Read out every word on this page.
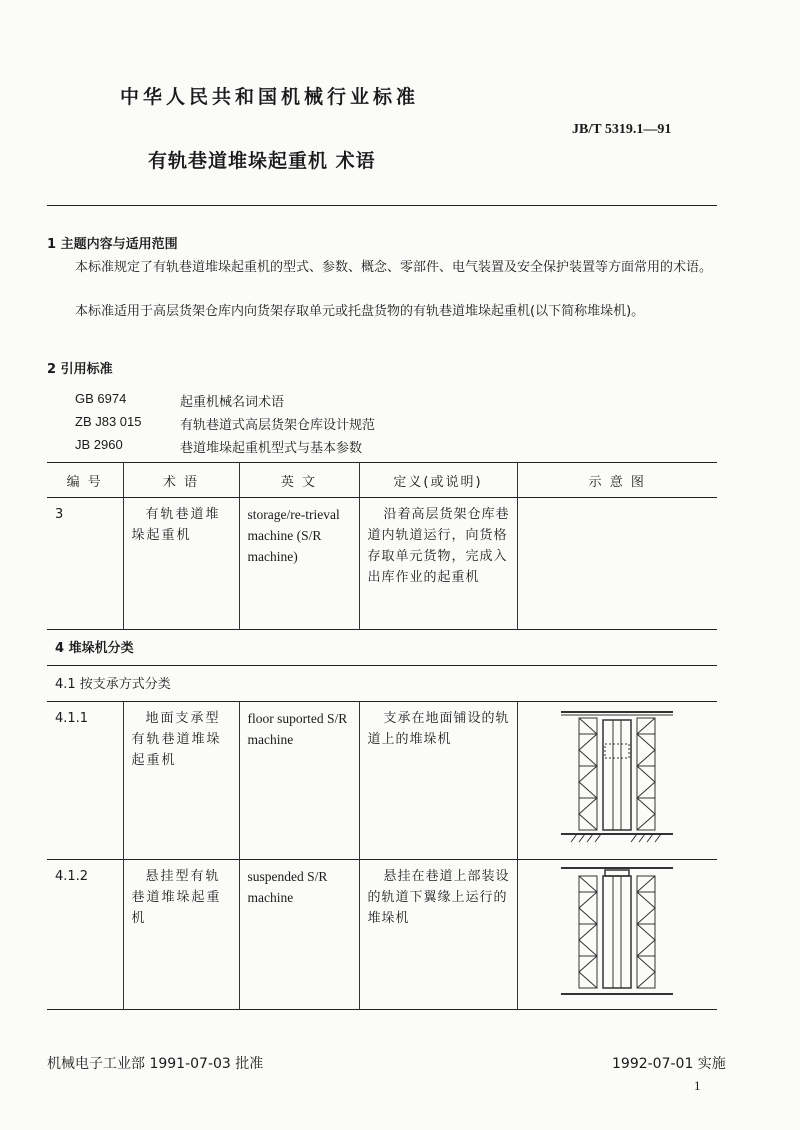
中华人民共和国机械行业标准
JB/T 5319.1—91
有轨巷道堆垛起重机 术语
1 主题内容与适用范围
本标准规定了有轨巷道堆垛起重机的型式、参数、概念、零部件、电气装置及安全保护装置等方面常用的术语。
本标准适用于高层货架仓库内向货架存取单元或托盘货物的有轨巷道堆垛起重机(以下简称堆垛机)。
2 引用标准
GB 6974	起重机械名词术语
ZB J83 015	有轨巷道式高层货架仓库设计规范
JB 2960	巷道堆垛起重机型式与基本参数
编 号	术 语	英 文	定义(或说明)	示 意 图

3	有轨巷道堆垛起重机	storage/re-trieval machine (S/R machine)	沿着高层货架仓库巷道内轨道运行，向货格存取单元货物，完成入出库作业的起重机	

4 堆垛机分类				

4.1 按支承方式分类				

4.1.1	地面支承型有轨巷道堆垛起重机	floor suported S/R machine	支承在地面铺设的轨道上的堆垛机

4.1.2	悬挂型有轨巷道堆垛起重机	suspended S/R machine	悬挂在巷道上部装设的轨道下翼缘上运行的堆垛机

机械电子工业部 1991-07-03 批准	1992-07-01 实施
1
